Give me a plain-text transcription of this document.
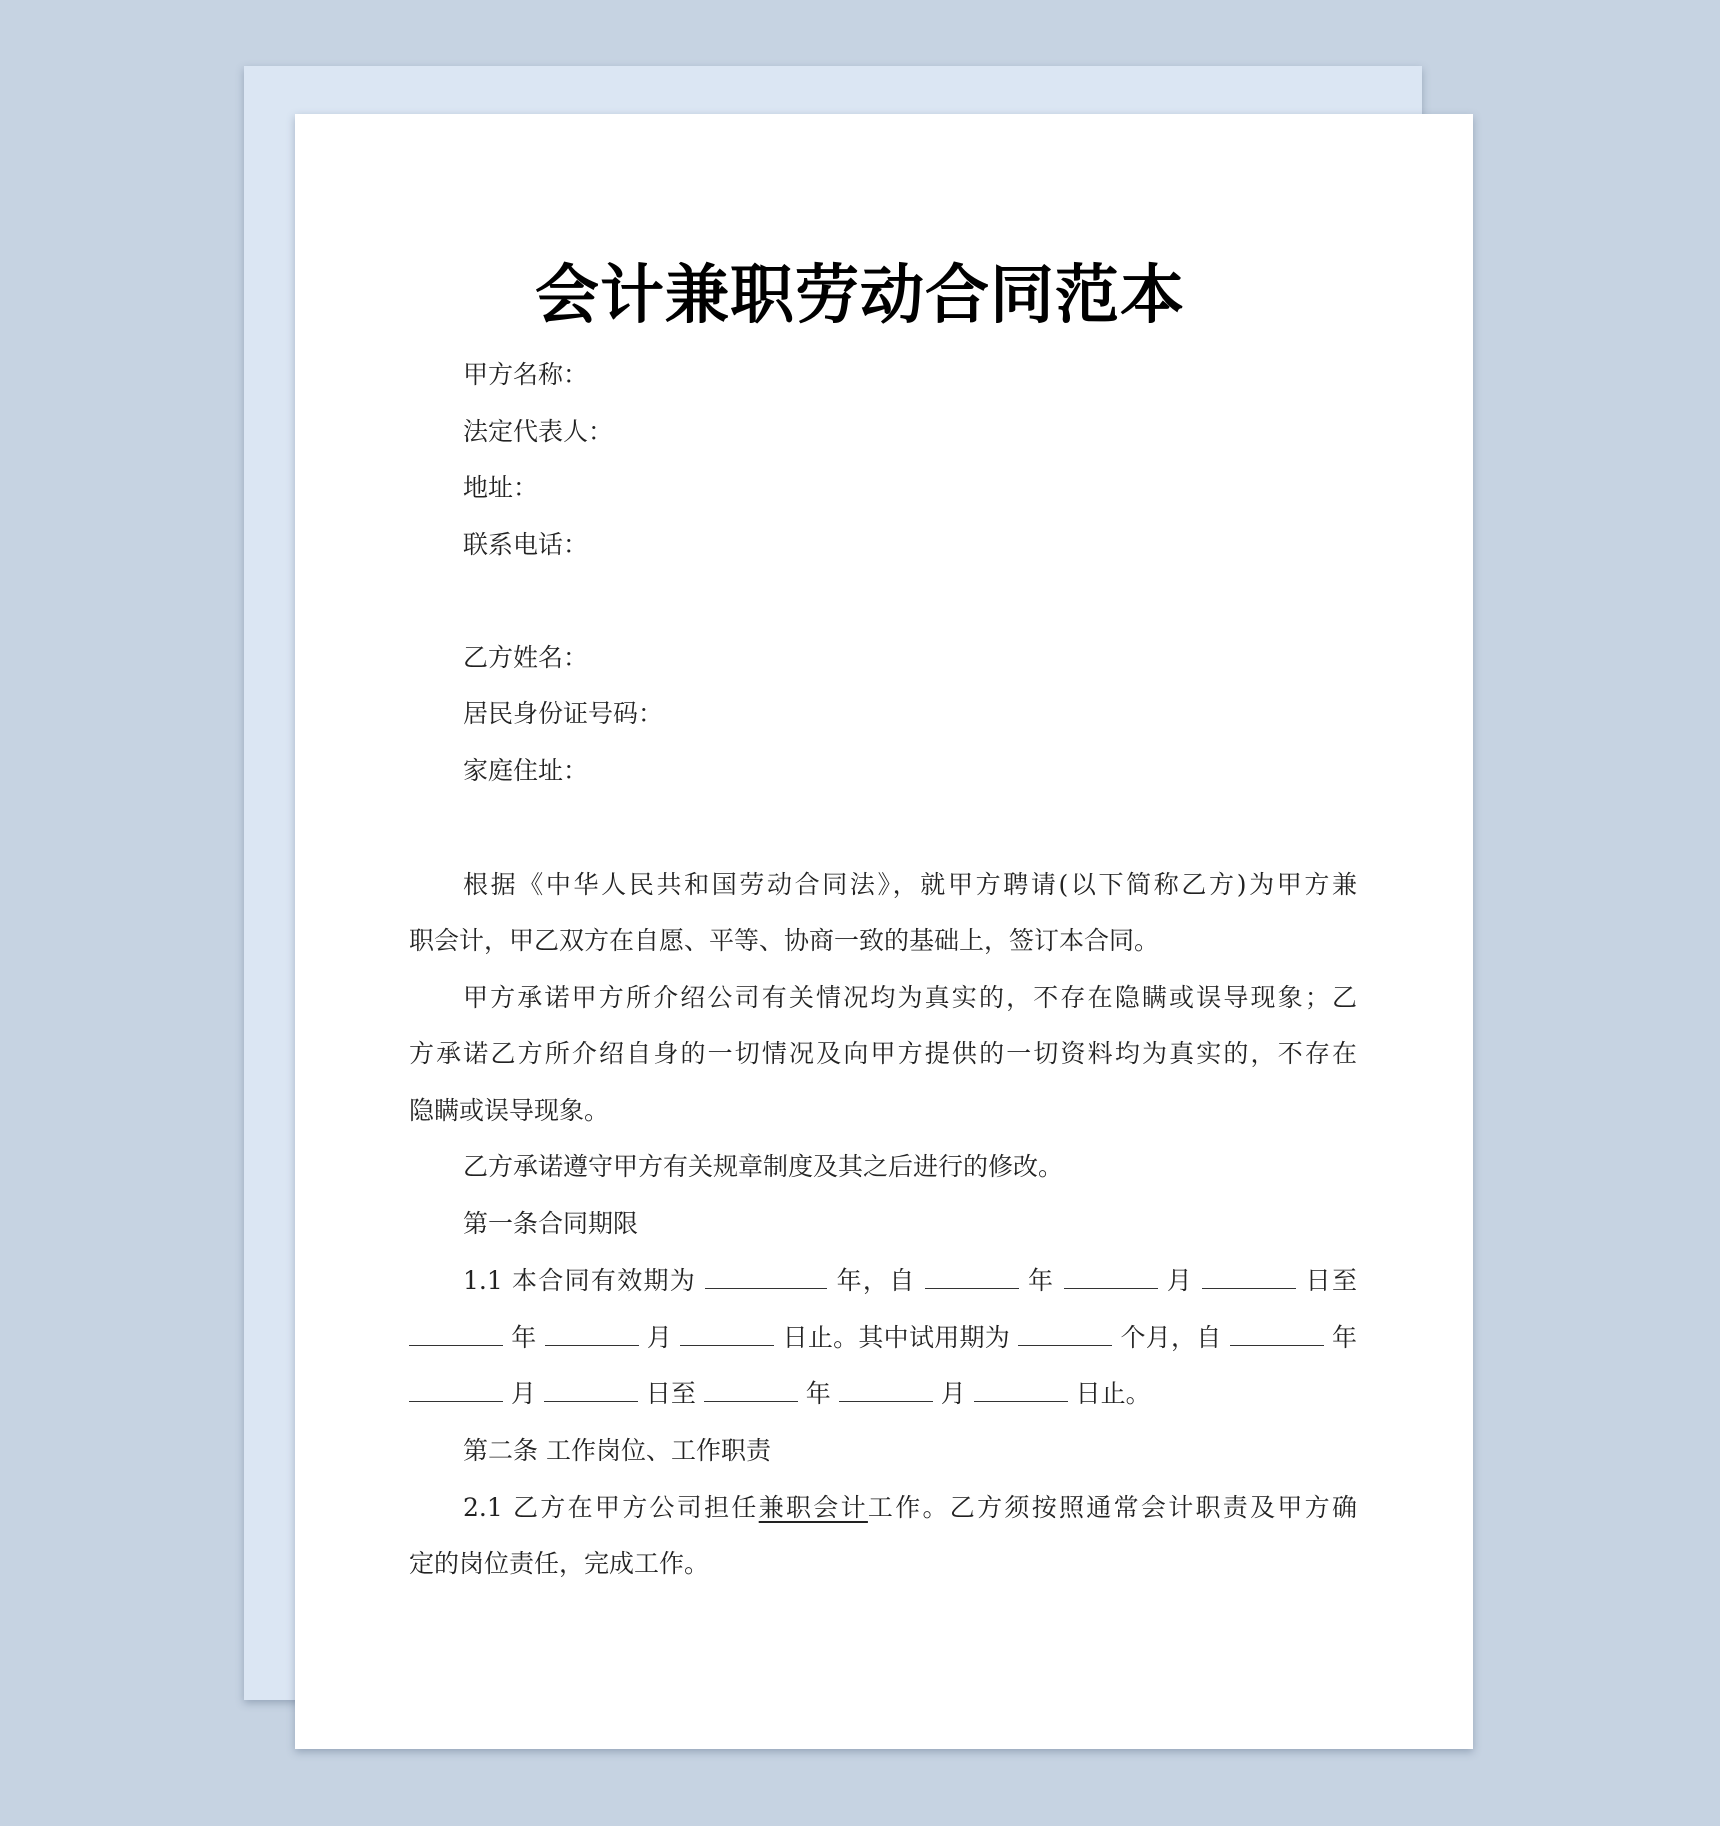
会计兼职劳动合同范本
甲方名称：
法定代表人：
地址：
联系电话：
乙方姓名：
居民身份证号码：
家庭住址：
根据《中华人民共和国劳动合同法》，就甲方聘请(以下简称乙方)为甲方兼
职会计，甲乙双方在自愿、平等、协商一致的基础上，签订本合同。
甲方承诺甲方所介绍公司有关情况均为真实的，不存在隐瞒或误导现象；乙
方承诺乙方所介绍自身的一切情况及向甲方提供的一切资料均为真实的，不存在
隐瞒或误导现象。
乙方承诺遵守甲方有关规章制度及其之后进行的修改。
第一条合同期限
1.1 本合同有效期为	年，自	年	月	日至
年	月	日止。其中试用期为	个月，自	年
月	日至	年	月	日止。
第二条 工作岗位、工作职责
2.1 乙方在甲方公司担任兼职会计工作。乙方须按照通常会计职责及甲方确
定的岗位责任，完成工作。
